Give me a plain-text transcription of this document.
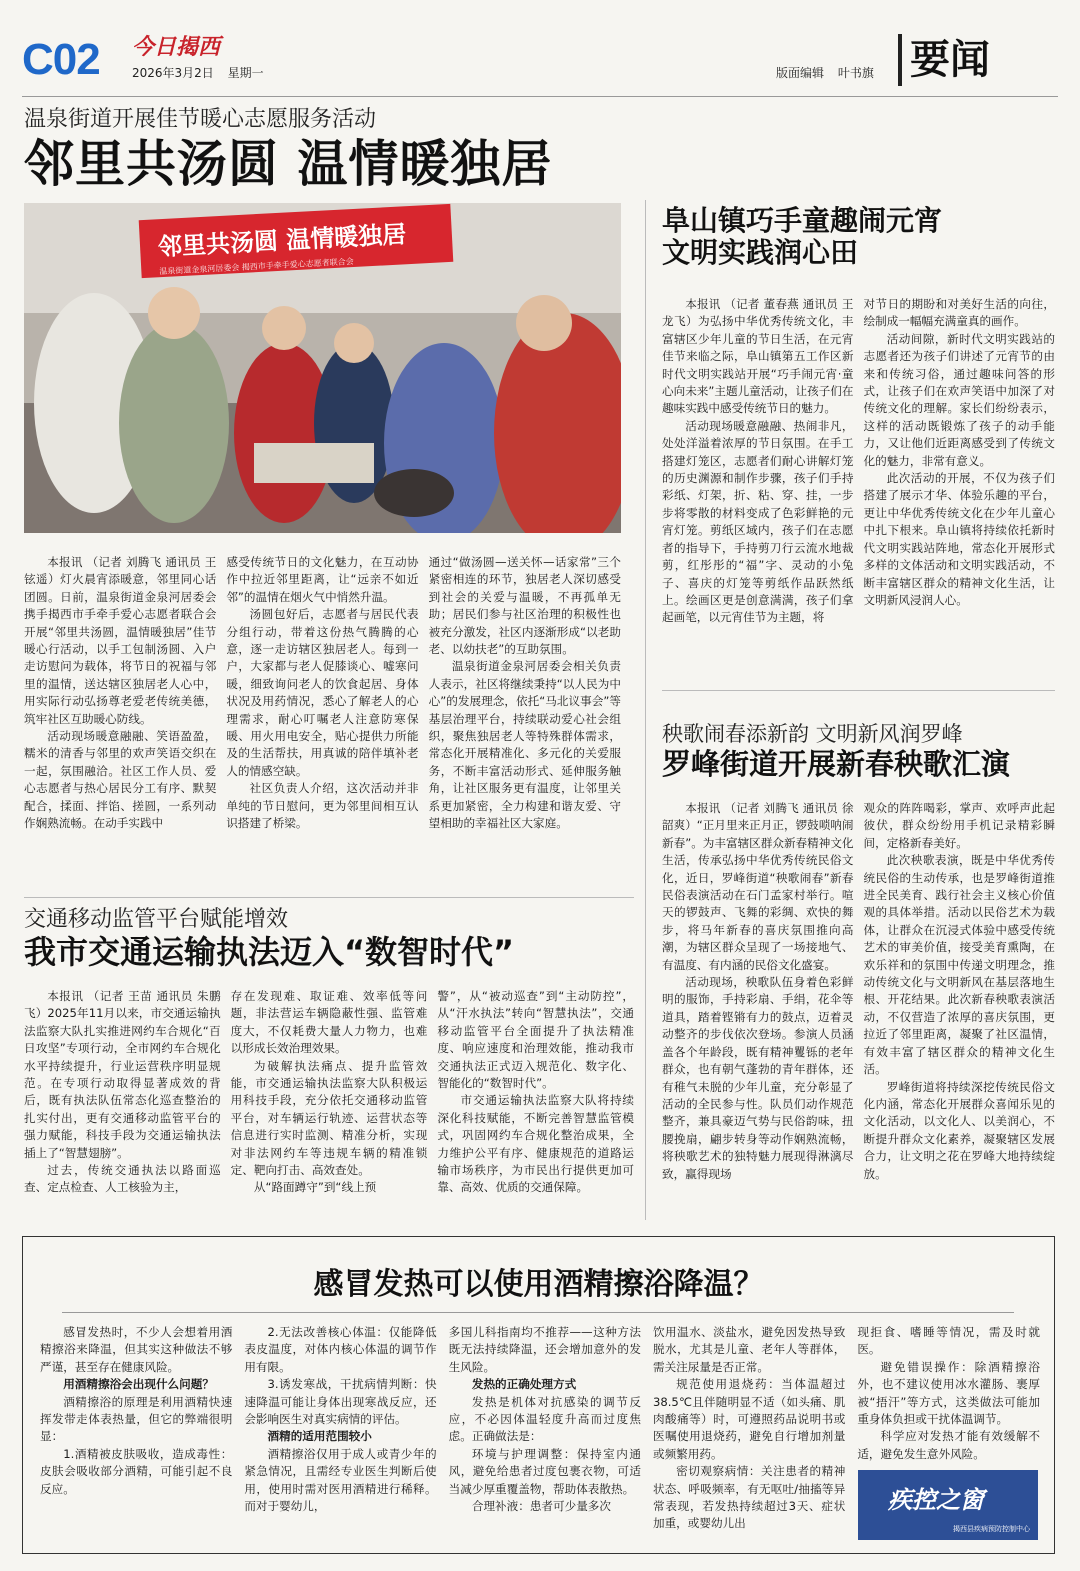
C02 今日揭西
2026年3月2日 星期一	版面编辑 叶书旗 要闻
温泉街道开展佳节暖心志愿服务活动
邻里共汤圆 温情暖独居
邻里共汤圆 温情暖独居
温泉街道金泉河居委会 揭西市手牵手爱心志愿者联合会

本报讯 （记者 刘腾飞 通讯员 王铉遥）灯火晨宵添暖意，邻里同心话团圆。日前，温泉街道金泉河居委会携手揭西市手牵手爱心志愿者联合会开展“邻里共汤圆，温情暖独居”佳节暖心行活动，以手工包制汤圆、入户走访慰问为载体，将节日的祝福与邻里的温情，送达辖区独居老人心中，用实际行动弘扬尊老爱老传统美德，筑牢社区互助暖心防线。

活动现场暖意融融、笑语盈盈，糯米的清香与邻里的欢声笑语交织在一起，氛围融洽。社区工作人员、爱心志愿者与热心居民分工有序、默契配合，揉面、拌馅、搓圆，一系列动作娴熟流畅。在动手实践中

感受传统节日的文化魅力，在互动协作中拉近邻里距离，让“远亲不如近邻”的温情在烟火气中悄然升温。

汤圆包好后，志愿者与居民代表分组行动，带着这份热气腾腾的心意，逐一走访辖区独居老人。每到一户，大家都与老人促膝谈心、嘘寒问暖，细致询问老人的饮食起居、身体状况及用药情况，悉心了解老人的心理需求，耐心叮嘱老人注意防寒保暖、用火用电安全，贴心提供力所能及的生活帮扶，用真诚的陪伴填补老人的情感空缺。

社区负责人介绍，这次活动并非单纯的节日慰问，更为邻里间相互认识搭建了桥梁。

通过“做汤圆—送关怀—话家常”三个紧密相连的环节，独居老人深切感受到社会的关爱与温暖，不再孤单无助；居民们参与社区治理的积极性也被充分激发，社区内逐渐形成“以老助老、以幼扶老”的互助氛围。

温泉街道金泉河居委会相关负责人表示，社区将继续秉持“以人民为中心”的发展理念，依托“马北议事会”等基层治理平台，持续联动爱心社会组织，聚焦独居老人等特殊群体需求，常态化开展精准化、多元化的关爱服务，不断丰富活动形式、延伸服务触角，让社区服务更有温度，让邻里关系更加紧密，全力构建和谐友爱、守望相助的幸福社区大家庭。

阜山镇巧手童趣闹元宵
文明实践润心田

本报讯 （记者 董春燕 通讯员 王龙飞）为弘扬中华优秀传统文化，丰富辖区少年儿童的节日生活，在元宵佳节来临之际，阜山镇第五工作区新时代文明实践站开展“巧手闹元宵·童心向未来”主题儿童活动，让孩子们在趣味实践中感受传统节日的魅力。

活动现场暖意融融、热闹非凡，处处洋溢着浓厚的节日氛围。在手工搭建灯笼区，志愿者们耐心讲解灯笼的历史渊源和制作步骤，孩子们手持彩纸、灯架，折、粘、穿、挂，一步步将零散的材料变成了色彩鲜艳的元宵灯笼。剪纸区域内，孩子们在志愿者的指导下，手持剪刀行云流水地裁剪，红彤彤的“福”字、灵动的小兔子、喜庆的灯笼等剪纸作品跃然纸上。绘画区更是创意满满，孩子们拿起画笔，以元宵佳节为主题，将

对节日的期盼和对美好生活的向往，绘制成一幅幅充满童真的画作。

活动间隙，新时代文明实践站的志愿者还为孩子们讲述了元宵节的由来和传统习俗，通过趣味问答的形式，让孩子们在欢声笑语中加深了对传统文化的理解。家长们纷纷表示，这样的活动既锻炼了孩子的动手能力，又让他们近距离感受到了传统文化的魅力，非常有意义。

此次活动的开展，不仅为孩子们搭建了展示才华、体验乐趣的平台，更让中华优秀传统文化在少年儿童心中扎下根来。阜山镇将持续依托新时代文明实践站阵地，常态化开展形式多样的文体活动和文明实践活动，不断丰富辖区群众的精神文化生活，让文明新风浸润人心。

秧歌闹春添新韵 文明新风润罗峰
罗峰街道开展新春秧歌汇演

本报讯 （记者 刘腾飞 通讯员 徐韶爽）“正月里来正月正，锣鼓唢呐闹新春”。为丰富辖区群众新春精神文化生活，传承弘扬中华优秀传统民俗文化，近日，罗峰街道“秧歌闹春”新春民俗表演活动在石门孟家村举行。喧天的锣鼓声、飞舞的彩绸、欢快的舞步，将马年新春的喜庆氛围推向高潮，为辖区群众呈现了一场接地气、有温度、有内涵的民俗文化盛宴。

活动现场，秧歌队伍身着色彩鲜明的服饰，手持彩扇、手绢，花伞等道具，踏着铿锵有力的鼓点，迈着灵动整齐的步伐依次登场。参演人员涵盖各个年龄段，既有精神矍铄的老年群众，也有朝气蓬勃的青年群体，还有稚气未脱的少年儿童，充分彰显了活动的全民参与性。队员们动作规范整齐，兼具豪迈气势与民俗韵味，扭腰挽扇，翩步转身等动作娴熟流畅，将秧歌艺术的独特魅力展现得淋漓尽致，赢得现场

观众的阵阵喝彩，掌声、欢呼声此起彼伏，群众纷纷用手机记录精彩瞬间，定格新春美好。

此次秧歌表演，既是中华优秀传统民俗的生动传承，也是罗峰街道推进全民美育、践行社会主义核心价值观的具体举措。活动以民俗艺术为载体，让群众在沉浸式体验中感受传统艺术的审美价值，接受美育熏陶，在欢乐祥和的氛围中传递文明理念，推动传统文化与文明新风在基层落地生根、开花结果。此次新春秧歌表演活动，不仅营造了浓厚的喜庆氛围，更拉近了邻里距离，凝聚了社区温情，有效丰富了辖区群众的精神文化生活。

罗峰街道将持续深挖传统民俗文化内涵，常态化开展群众喜闻乐见的文化活动，以文化人、以美润心，不断提升群众文化素养，凝聚辖区发展合力，让文明之花在罗峰大地持续绽放。

交通移动监管平台赋能增效
我市交通运输执法迈入“数智时代”

本报讯 （记者 王苗 通讯员 朱鹏飞）2025年11月以来，市交通运输执法监察大队扎实推进网约车合规化“百日攻坚”专项行动，全市网约车合规化水平持续提升，行业运营秩序明显规范。在专项行动取得显著成效的背后，既有执法队伍常态化巡查整治的扎实付出，更有交通移动监管平台的强力赋能，科技手段为交通运输执法插上了“智慧翅膀”。

过去，传统交通执法以路面巡查、定点检查、人工核验为主，

存在发现难、取证难、效率低等问题，非法营运车辆隐蔽性强、监管难度大，不仅耗费大量人力物力，也难以形成长效治理效果。

为破解执法痛点、提升监管效能，市交通运输执法监察大队积极运用科技手段，充分依托交通移动监管平台，对车辆运行轨迹、运营状态等信息进行实时监测、精准分析，实现对非法网约车等违规车辆的精准锁定、靶向打击、高效查处。

从“路面蹲守”到“线上预

警”，从“被动巡查”到“主动防控”，从“汗水执法”转向“智慧执法”，交通移动监管平台全面提升了执法精准度、响应速度和治理效能，推动我市交通执法正式迈入规范化、数字化、智能化的“数智时代”。

市交通运输执法监察大队将持续深化科技赋能，不断完善智慧监管模式，巩固网约车合规化整治成果，全力维护公平有序、健康规范的道路运输市场秩序，为市民出行提供更加可靠、高效、优质的交通保障。

感冒发热可以使用酒精擦浴降温？

感冒发热时，不少人会想着用酒精擦浴来降温，但其实这种做法不够严谨，甚至存在健康风险。

用酒精擦浴会出现什么问题？

酒精擦浴的原理是利用酒精快速挥发带走体表热量，但它的弊端很明显：

1.酒精被皮肤吸收，造成毒性：皮肤会吸收部分酒精，可能引起不良反应。

2.无法改善核心体温：仅能降低表皮温度，对体内核心体温的调节作用有限。

3.诱发寒战，干扰病情判断：快速降温可能让身体出现寒战反应，还会影响医生对真实病情的评估。

酒精的适用范围较小

酒精擦浴仅用于成人或青少年的紧急情况，且需经专业医生判断后使用，使用时需对医用酒精进行稀释。而对于婴幼儿，

多国儿科指南均不推荐——这种方法既无法持续降温，还会增加意外的发生风险。

发热的正确处理方式

发热是机体对抗感染的调节反应，不必因体温轻度升高而过度焦虑。正确做法是：

环境与护理调整：保持室内通风，避免给患者过度包裹衣物，可适当减少厚重覆盖物，帮助体表散热。

合理补液：患者可少量多次

饮用温水、淡盐水，避免因发热导致脱水，尤其是儿童、老年人等群体，需关注尿量是否正常。

规范使用退烧药：当体温超过38.5℃且伴随明显不适（如头痛、肌肉酸痛等）时，可遵照药品说明书或医嘱使用退烧药，避免自行增加剂量或频繁用药。

密切观察病情：关注患者的精神状态、呼吸频率，有无呕吐/抽搐等异常表现，若发热持续超过3天、症状加重，或婴幼儿出

现拒食、嗜睡等情况，需及时就医。

避免错误操作：除酒精擦浴外，也不建议使用冰水灌肠、裹厚被“捂汗”等方式，这类做法可能加重身体负担或干扰体温调节。

科学应对发热才能有效缓解不适，避免发生意外风险。

疾控之窗
揭西县疾病预防控制中心
